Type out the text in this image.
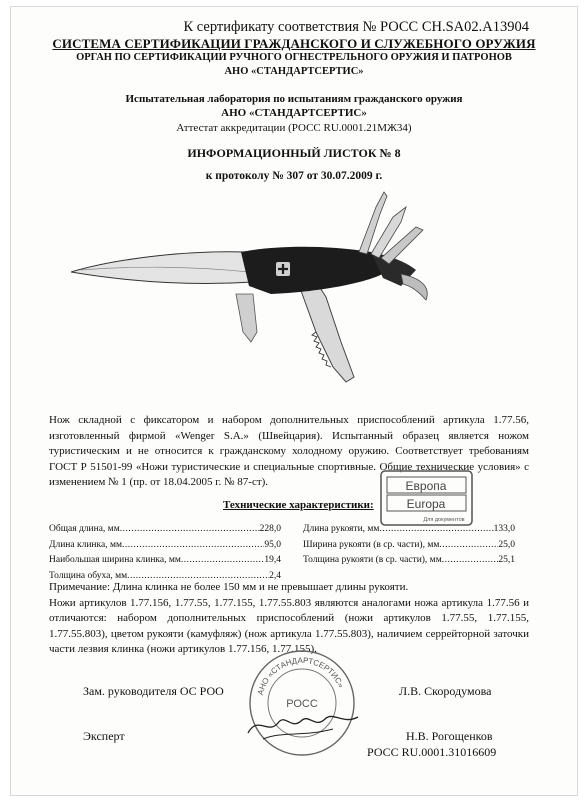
К сертификату соответствия № РОСС CH.SA02.A13904
СИСТЕМА СЕРТИФИКАЦИИ ГРАЖДАНСКОГО И СЛУЖЕБНОГО ОРУЖИЯ
ОРГАН ПО СЕРТИФИКАЦИИ РУЧНОГО ОГНЕСТРЕЛЬНОГО ОРУЖИЯ И ПАТРОНОВ
АНО «СТАНДАРТСЕРТИС»
Испытательная лаборатория по испытаниям гражданского оружия
АНО «СТАНДАРТСЕРТИС»
Аттестат аккредитации (РОСС RU.0001.21МЖ34)
ИНФОРМАЦИОННЫЙ ЛИСТОК № 8
к протоколу № 307 от 30.07.2009 г.

Нож складной с фиксатором и набором дополнительных приспособлений артикула 1.77.56, изготовленный фирмой «Wenger S.A.» (Швейцария). Испытанный образец является ножом туристическим и не относится к гражданскому холодному оружию. Соответствует требованиям ГОСТ Р 51501-99 «Ножи туристические и специальные спортивные. Общие технические условия» с изменением № 1 (пр. от 18.04.2005 г. № 87-ст).

Технические характеристики:
Общая длина, мм .....	228,0
Длина клинка, мм .....	95,0
Наибольшая ширина клинка, мм .....	19,4
Толщина обуха, мм .....	2,4
Длина рукояти, мм .....	133,0
Ширина рукояти (в ср. части), мм .....	25,0
Толщина рукояти (в ср. части), мм .....	25,1
Европа
Europa
Для документов

Примечание: Длина клинка не более 150 мм и не превышает длины рукояти.

Ножи артикулов 1.77.156, 1.77.55, 1.77.155, 1.77.55.803 являются аналогами ножа артикула 1.77.56 и отличаются: набором дополнительных приспособлений (ножи артикулов 1.77.55, 1.77.155, 1.77.55.803), цветом рукояти (камуфляж) (нож артикула 1.77.55.803), наличием серрейторной заточки части лезвия клинка (ножи артикулов 1.77.156, 1.77.155).

АНО «СТАНДАРТСЕРТИС»
РОСС
Зам. руководителя ОС РОО	Л.В. Скородумова
Эксперт	Н.В. Рогощенков
РОСС RU.0001.31016609
